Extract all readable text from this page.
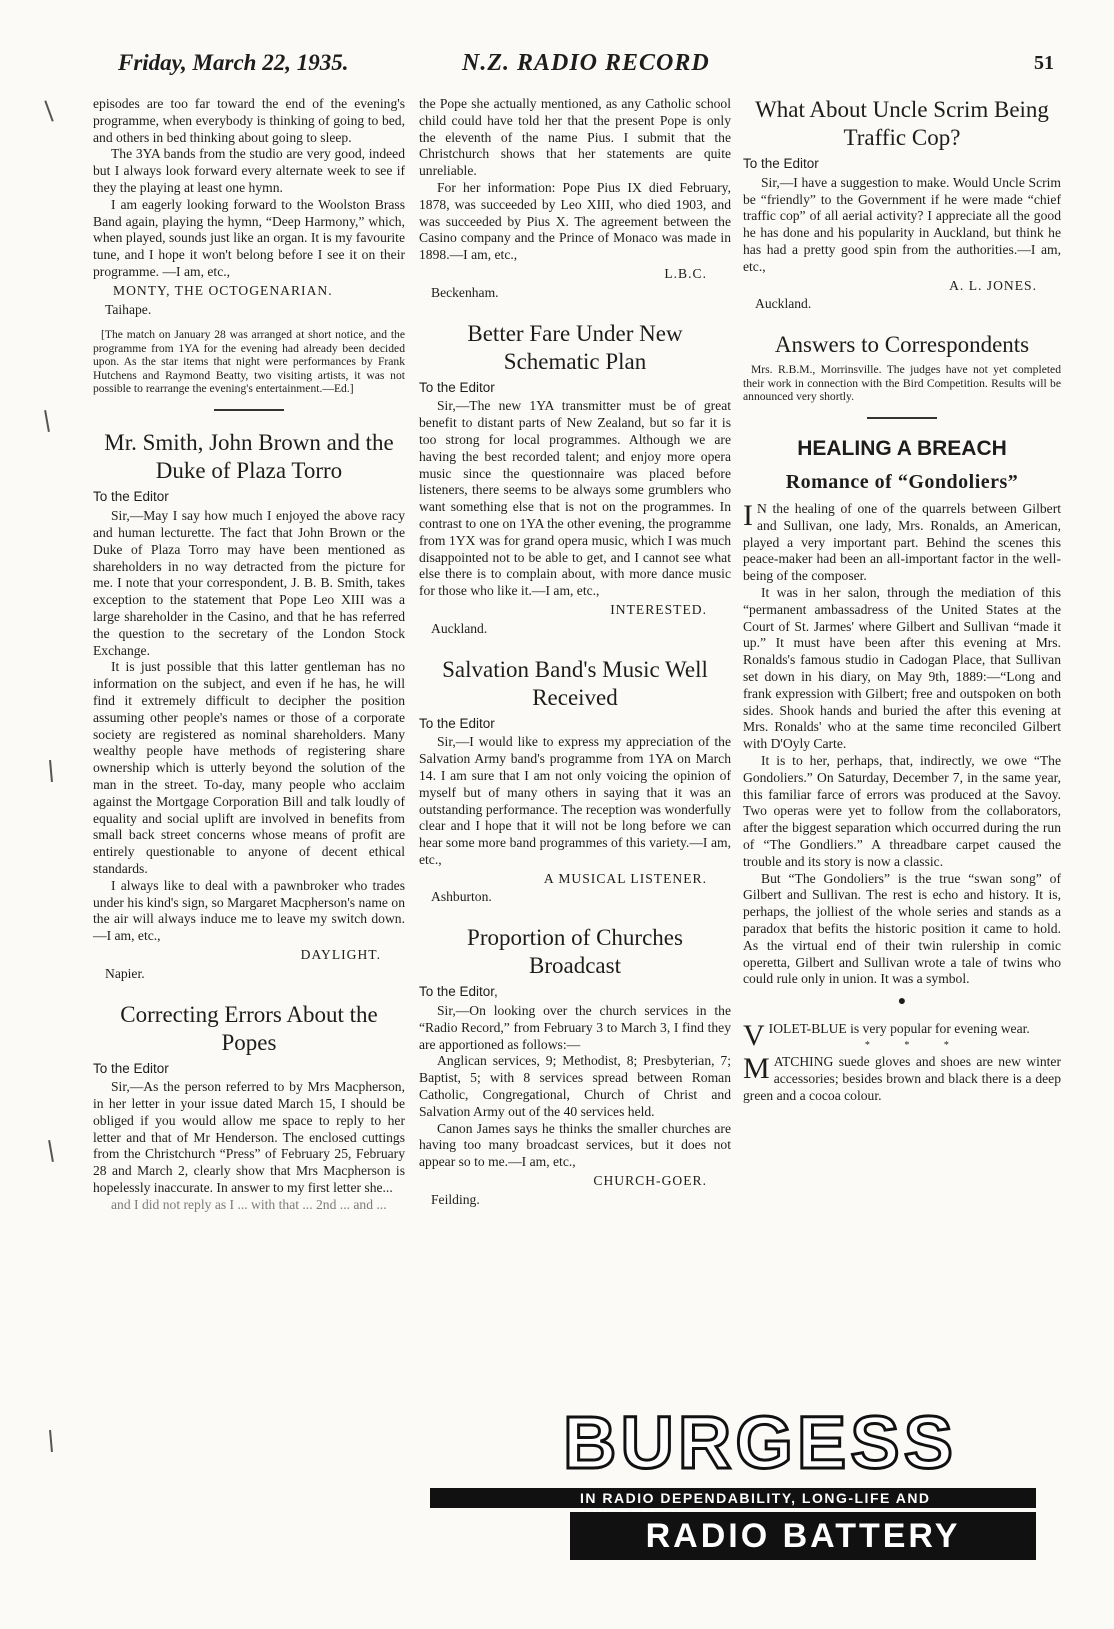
Friday, March 22, 1935.	N.Z. RADIO RECORD	51

episodes are too far toward the end of the evening's programme, when everybody is thinking of going to bed, and others in bed thinking about going to sleep.

The 3YA bands from the studio are very good, indeed but I always look forward every alternate week to see if they the playing at least one hymn.

I am eagerly looking forward to the Woolston Brass Band again, playing the hymn, “Deep Harmony,” which, when played, sounds just like an organ. It is my favourite tune, and I hope it won't belong before I see it on their programme. —I am, etc.,

MONTY, THE OCTOGENARIAN.

Taihape.

[The match on January 28 was arranged at short notice, and the programme from 1YA for the evening had already been decided upon. As the star items that night were performances by Frank Hutchens and Raymond Beatty, two visiting artists, it was not possible to rearrange the evening's entertainment.—Ed.]

Mr. Smith, John Brown and the Duke of Plaza Torro

To the Editor

Sir,—May I say how much I enjoyed the above racy and human lecturette. The fact that John Brown or the Duke of Plaza Torro may have been mentioned as shareholders in no way detracted from the picture for me. I note that your correspondent, J. B. B. Smith, takes exception to the statement that Pope Leo XIII was a large shareholder in the Casino, and that he has referred the question to the secretary of the London Stock Exchange.

It is just possible that this latter gentleman has no information on the subject, and even if he has, he will find it extremely difficult to decipher the position assuming other people's names or those of a corporate society are registered as nominal shareholders. Many wealthy people have methods of registering share ownership which is utterly beyond the solution of the man in the street. To-day, many people who acclaim against the Mortgage Corporation Bill and talk loudly of equality and social uplift are involved in benefits from small back street concerns whose means of profit are entirely questionable to anyone of decent ethical standards.

I always like to deal with a pawnbroker who trades under his kind's sign, so Margaret Macpherson's name on the air will always induce me to leave my switch down.—I am, etc.,

DAYLIGHT.

Napier.

Correcting Errors About the Popes

To the Editor

Sir,—As the person referred to by Mrs Macpherson, in her letter in your issue dated March 15, I should be obliged if you would allow me space to reply to her letter and that of Mr Henderson. The enclosed cuttings from the Christchurch “Press” of February 25, February 28 and March 2, clearly show that Mrs Macpherson is hopelessly inaccurate. In answer to my first letter she...

and I did not reply as I ... with that ... 2nd ... and ...

the Pope she actually mentioned, as any Catholic school child could have told her that the present Pope is only the eleventh of the name Pius. I submit that the Christchurch shows that her statements are quite unreliable.

For her information: Pope Pius IX died February, 1878, was succeeded by Leo XIII, who died 1903, and was succeeded by Pius X. The agreement between the Casino company and the Prince of Monaco was made in 1898.—I am, etc.,

L.B.C.

Beckenham.

Better Fare Under New Schematic Plan

To the Editor

Sir,—The new 1YA transmitter must be of great benefit to distant parts of New Zealand, but so far it is too strong for local programmes. Although we are having the best recorded talent; and enjoy more opera music since the questionnaire was placed before listeners, there seems to be always some grumblers who want something else that is not on the programmes. In contrast to one on 1YA the other evening, the programme from 1YX was for grand opera music, which I was much disappointed not to be able to get, and I cannot see what else there is to complain about, with more dance music for those who like it.—I am, etc.,

INTERESTED.

Auckland.

Salvation Band's Music Well Received

To the Editor

Sir,—I would like to express my appreciation of the Salvation Army band's programme from 1YA on March 14. I am sure that I am not only voicing the opinion of myself but of many others in saying that it was an outstanding performance. The reception was wonderfully clear and I hope that it will not be long before we can hear some more band programmes of this variety.—I am, etc.,

A MUSICAL LISTENER.

Ashburton.

Proportion of Churches Broadcast

To the Editor,

Sir,—On looking over the church services in the “Radio Record,” from February 3 to March 3, I find they are apportioned as follows:—

Anglican services, 9; Methodist, 8; Presbyterian, 7; Baptist, 5; with 8 services spread between Roman Catholic, Congregational, Church of Christ and Salvation Army out of the 40 services held.

Canon James says he thinks the smaller churches are having too many broadcast services, but it does not appear so to me.—I am, etc.,

CHURCH-GOER.

Feilding.

What About Uncle Scrim Being Traffic Cop?

To the Editor

Sir,—I have a suggestion to make. Would Uncle Scrim be “friendly” to the Government if he were made “chief traffic cop” of all aerial activity? I appreciate all the good he has done and his popularity in Auckland, but think he has had a pretty good spin from the authorities.—I am, etc.,

A. L. JONES.

Auckland.

Answers to Correspondents

Mrs. R.B.M., Morrinsville. The judges have not yet completed their work in connection with the Bird Competition. Results will be announced very shortly.

HEALING A BREACH
Romance of “Gondoliers”

I N the healing of one of the quarrels between Gilbert and Sullivan, one lady, Mrs. Ronalds, an American, played a very important part. Behind the scenes this peace-maker had been an all-important factor in the well-being of the composer.

It was in her salon, through the mediation of this “permanent ambassadress of the United States at the Court of St. Jarmes' where Gilbert and Sullivan “made it up.” It must have been after this evening at Mrs. Ronalds's famous studio in Cadogan Place, that Sullivan set down in his diary, on May 9th, 1889:—“Long and frank expression with Gilbert; free and outspoken on both sides. Shook hands and buried the after this evening at Mrs. Ronalds' who at the same time reconciled Gilbert with D'Oyly Carte.

It is to her, perhaps, that, indirectly, we owe “The Gondoliers.” On Saturday, December 7, in the same year, this familiar farce of errors was produced at the Savoy. Two operas were yet to follow from the collaborators, after the biggest separation which occurred during the run of “The Gondliers.” A threadbare carpet caused the trouble and its story is now a classic.

But “The Gondoliers” is the true “swan song” of Gilbert and Sullivan. The rest is echo and history. It is, perhaps, the jolliest of the whole series and stands as a paradox that befits the historic position it came to hold. As the virtual end of their twin rulership in comic operetta, Gilbert and Sullivan wrote a tale of twins who could rule only in union. It was a symbol.

●

VIOLET-BLUE is very popular for evening wear.

* * *

MATCHING suede gloves and shoes are new winter accessories; besides brown and black there is a deep green and a cocoa colour.

BURGESS
IN RADIO DEPENDABILITY, LONG-LIFE AND
RADIO BATTERY
